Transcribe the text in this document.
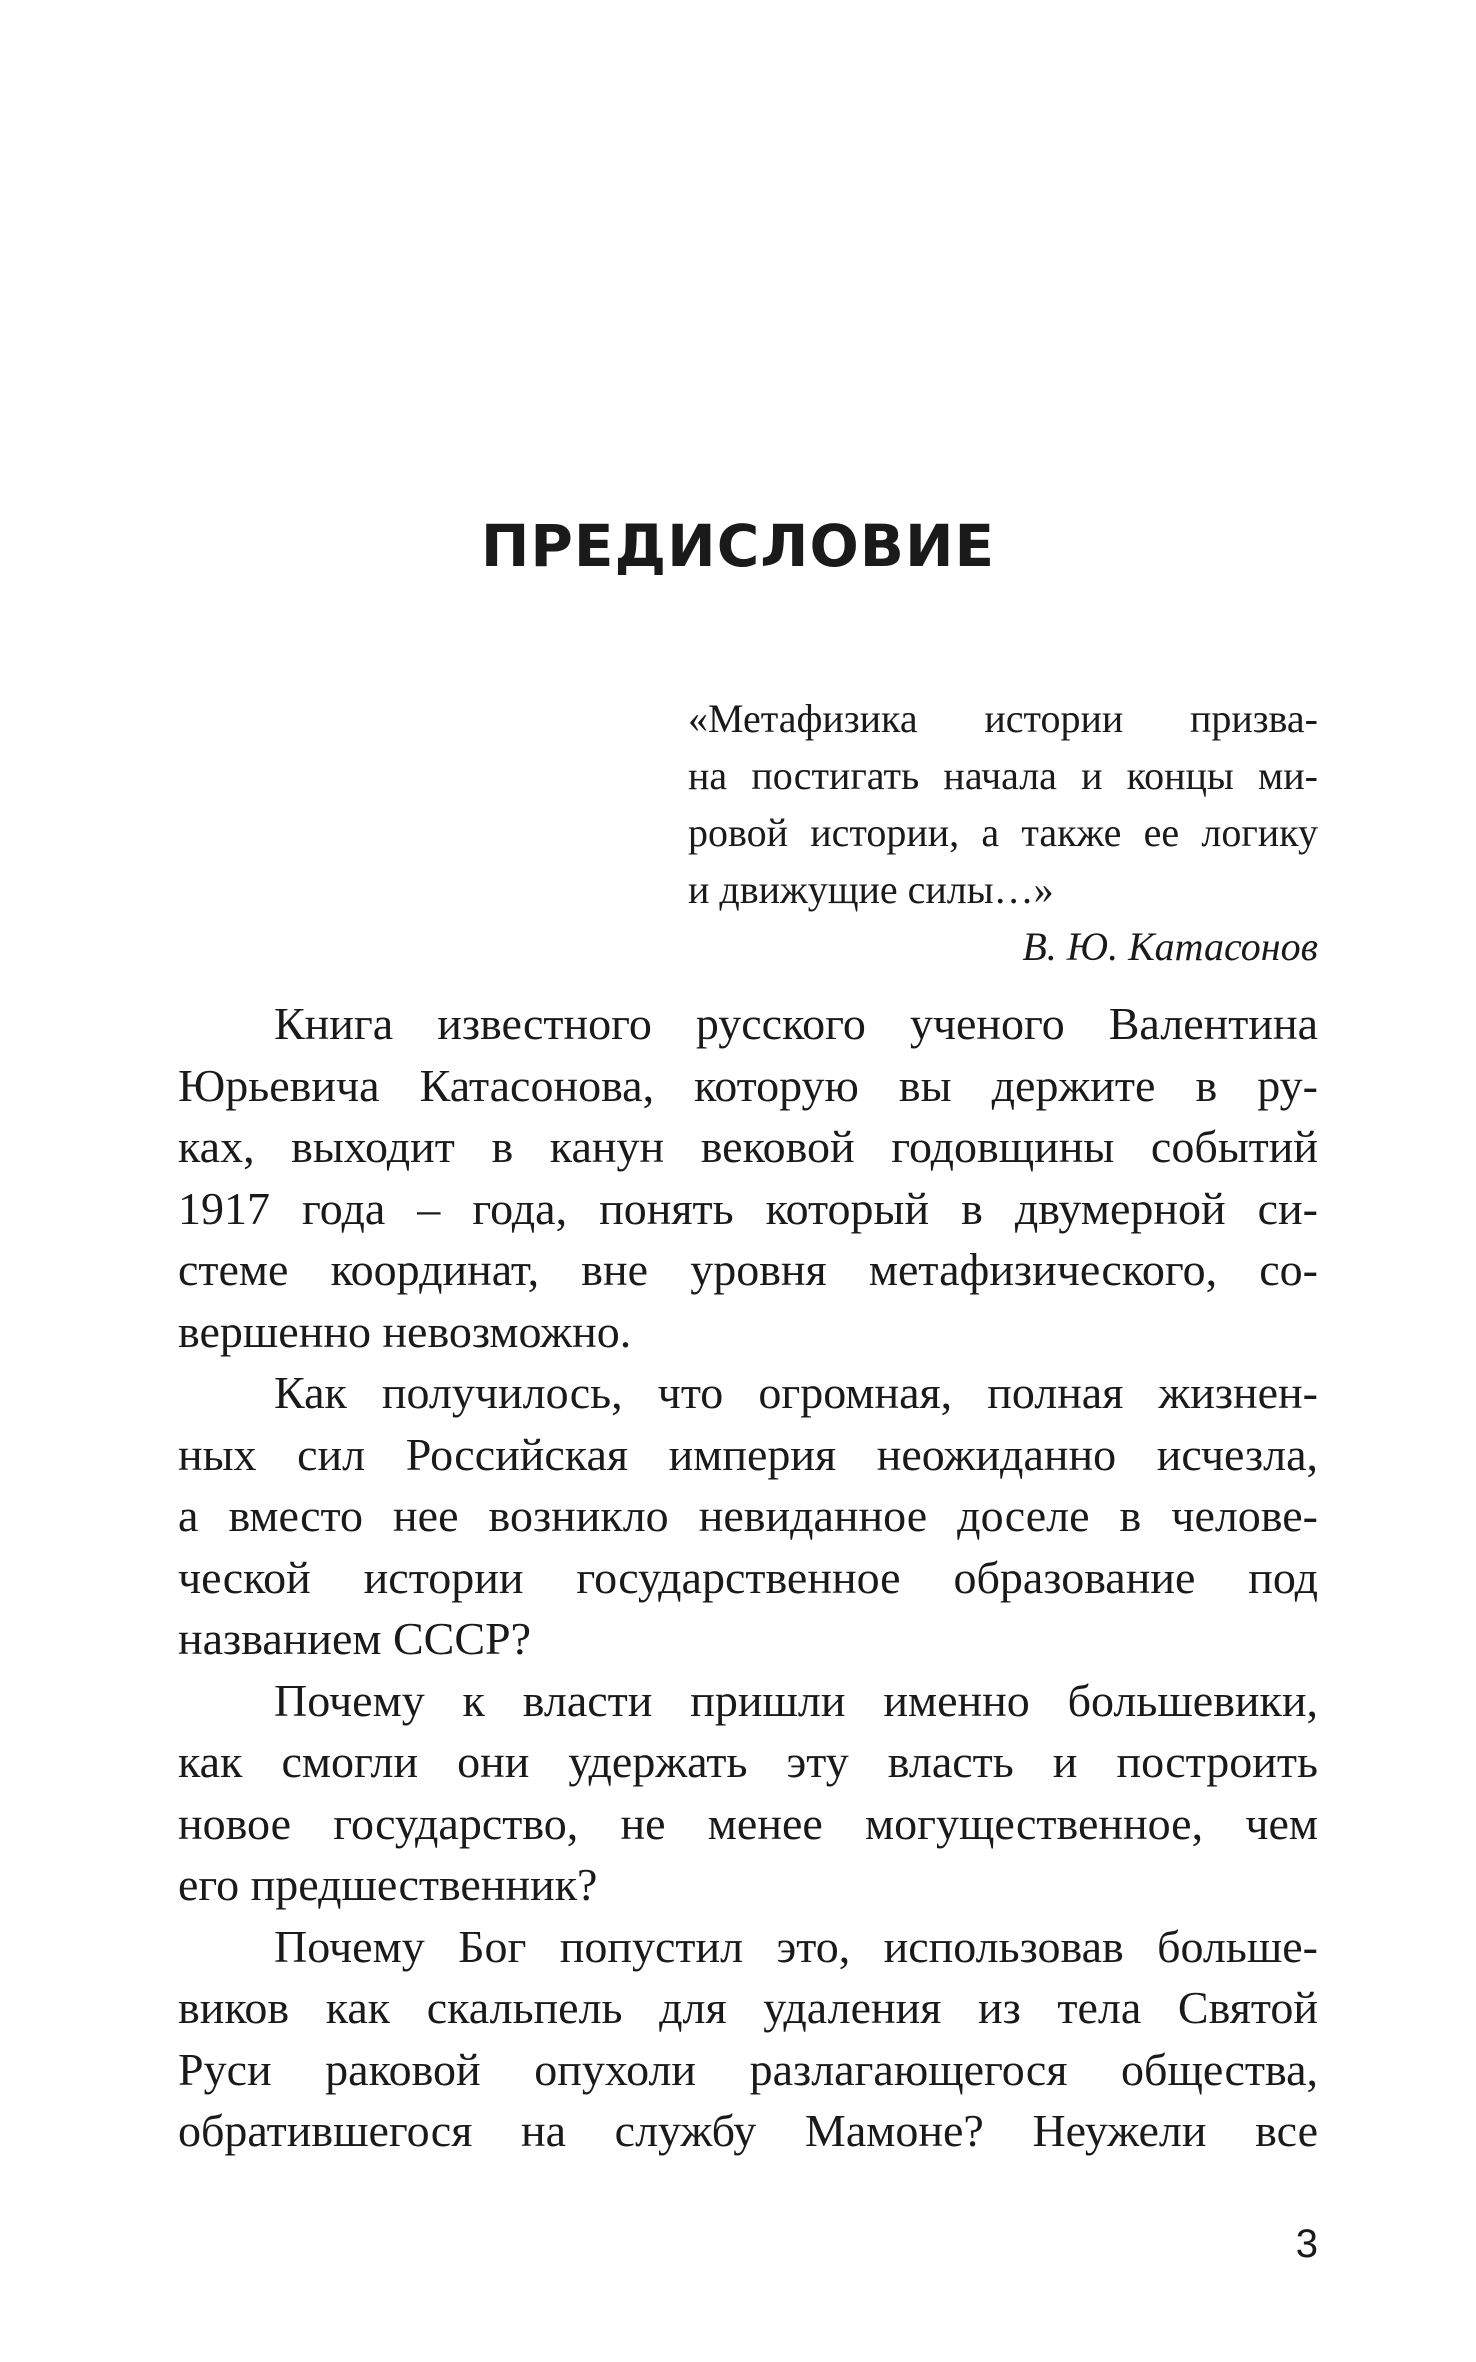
ПРЕДИСЛОВИЕ
«Метафизика истории призва-
на постигать начала и концы ми-
ровой истории, а также ее логику
и движущие силы…»
В. Ю. Катасонов
Книга известного русского ученого Валентина
Юрьевича Катасонова, которую вы держите в ру-
ках, выходит в канун вековой годовщины событий
1917 года – года, понять который в двумерной си-
стеме координат, вне уровня метафизического, со-
вершенно невозможно.
Как получилось, что огромная, полная жизнен-
ных сил Российская империя неожиданно исчезла,
а вместо нее возникло невиданное доселе в челове-
ческой истории государственное образование под
названием СССР?
Почему к власти пришли именно большевики,
как смогли они удержать эту власть и построить
новое государство, не менее могущественное, чем
его предшественник?
Почему Бог попустил это, использовав больше-
виков как скальпель для удаления из тела Святой
Руси раковой опухоли разлагающегося общества,
обратившегося на службу Мамоне? Неужели все
3
